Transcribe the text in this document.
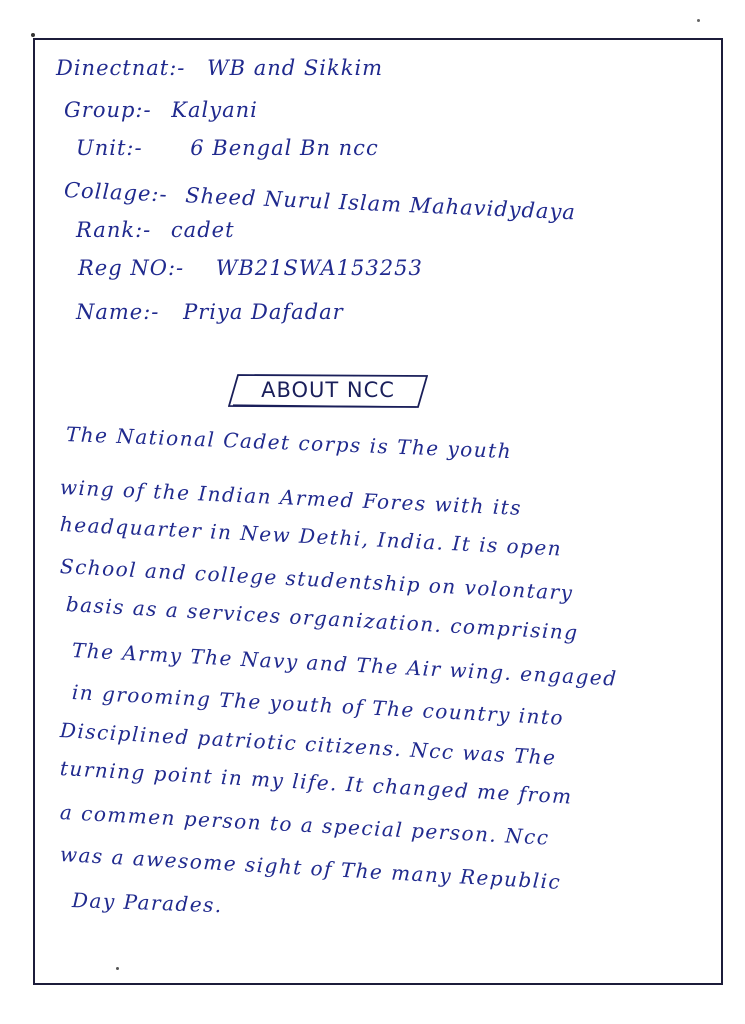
Dinectnat:- WB and Sikkim
Group:- Kalyani
Unit:- 6 Bengal Bn ncc
Collage:- Sheed Nurul Islam Mahavidydaya
Rank:- cadet
Reg NO:- WB21SWA153253
Name:- Priya Dafadar
ABOUT NCC
The National Cadet corps is The youth
wing of the Indian Armed Fores with its
headquarter in New Dethi, India. It is open
School and college studentship on volontary
basis as a services organization. comprising
The Army The Navy and The Air wing. engaged
in grooming The youth of The country into
Disciplined patriotic citizens. Ncc was The
turning point in my life. It changed me from
a commen person to a special person. Ncc
was a awesome sight of The many Republic
Day Parades.
